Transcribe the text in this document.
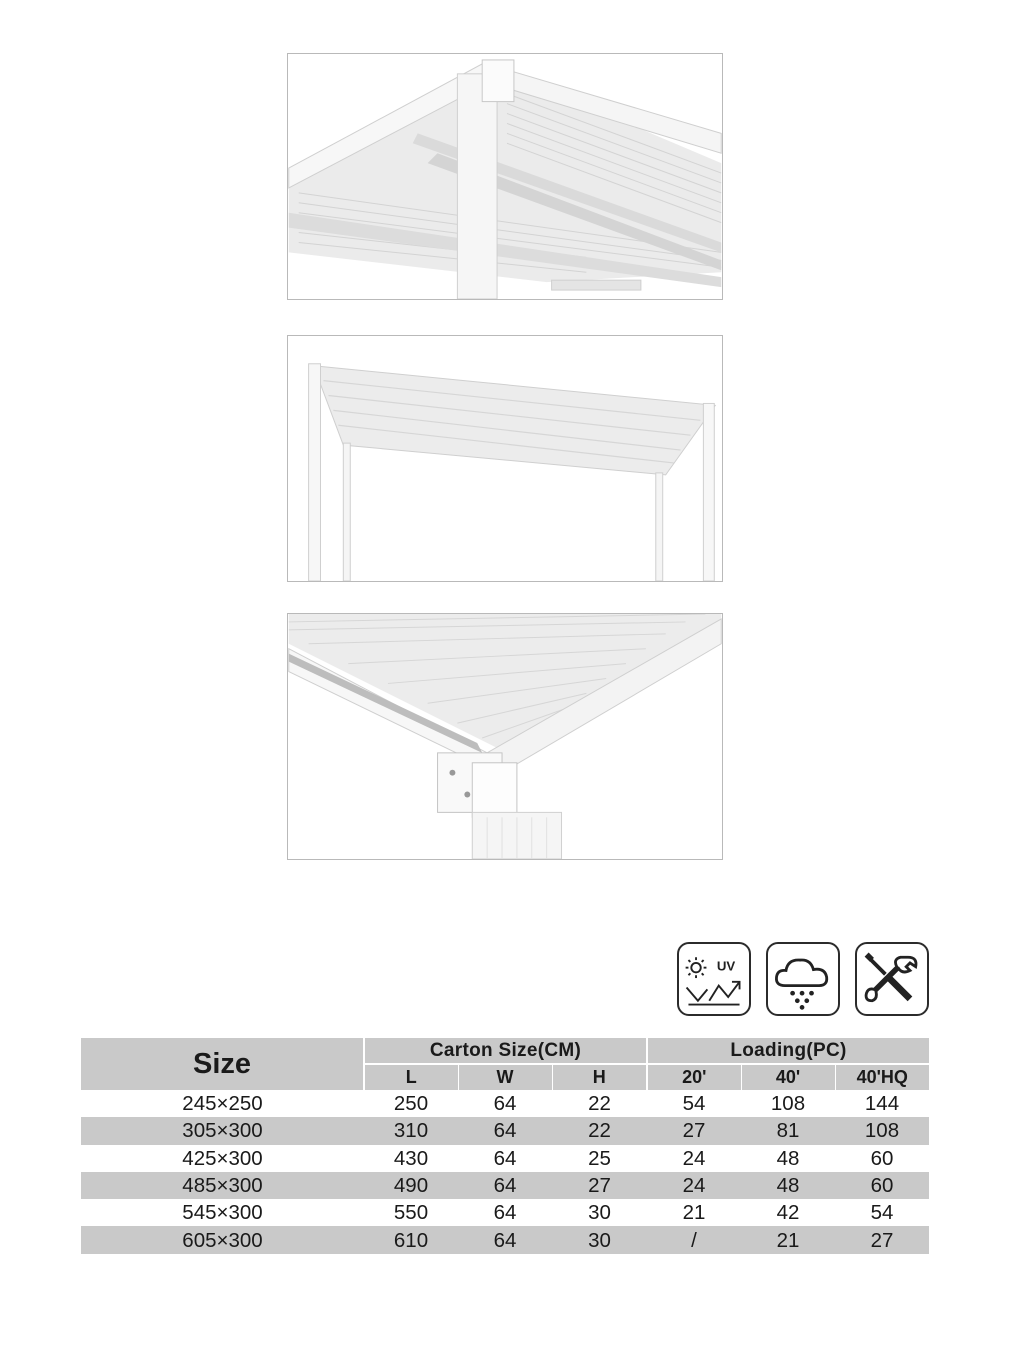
UV
Size	Carton Size(CM)			Loading(PC)		
	L	W	H	20'	40'	40'HQ
245×250	250	64	22	54	108	144
305×300	310	64	22	27	81	108
425×300	430	64	25	24	48	60
485×300	490	64	27	24	48	60
545×300	550	64	30	21	42	54
605×300	610	64	30	/	21	27
